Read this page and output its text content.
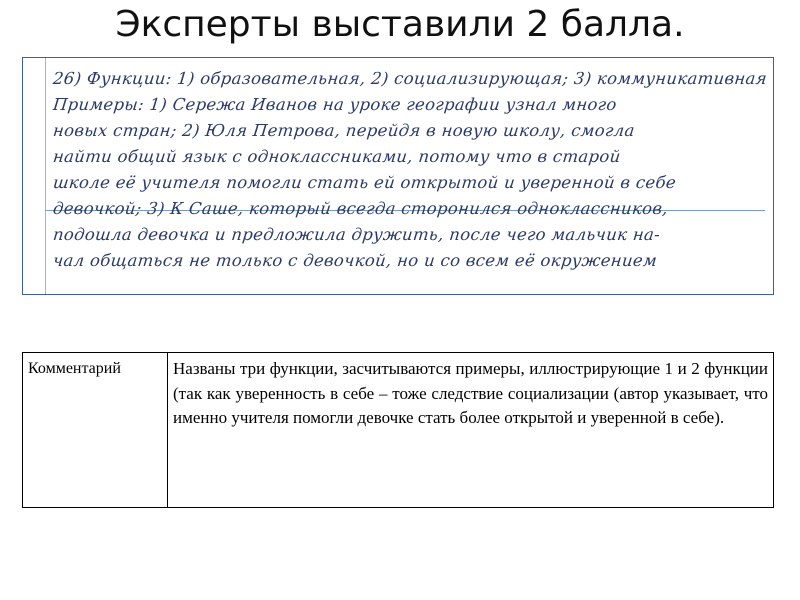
Эксперты выставили 2 балла.
26) Функции: 1) образовательная, 2) социализирующая; 3) коммуникативная
Примеры: 1) Сережа Иванов на уроке географии узнал много
новых стран; 2) Юля Петрова, перейдя в новую школу, смогла
найти общий язык с одноклассниками, потому что в старой
школе её учителя помогли стать ей открытой и уверенной в себе
девочкой; 3) К Саше, который всегда сторонился одноклассников,
подошла девочка и предложила дружить, после чего мальчик на-
чал общаться не только с девочкой, но и со всем её окружением
Комментарий	Названы три функции, засчитываются примеры, иллюстрирующие 1 и 2 функции (так как уверенность в себе – тоже следствие социализации (автор указывает, что именно учителя помогли девочке стать более открытой и уверенной в себе).
